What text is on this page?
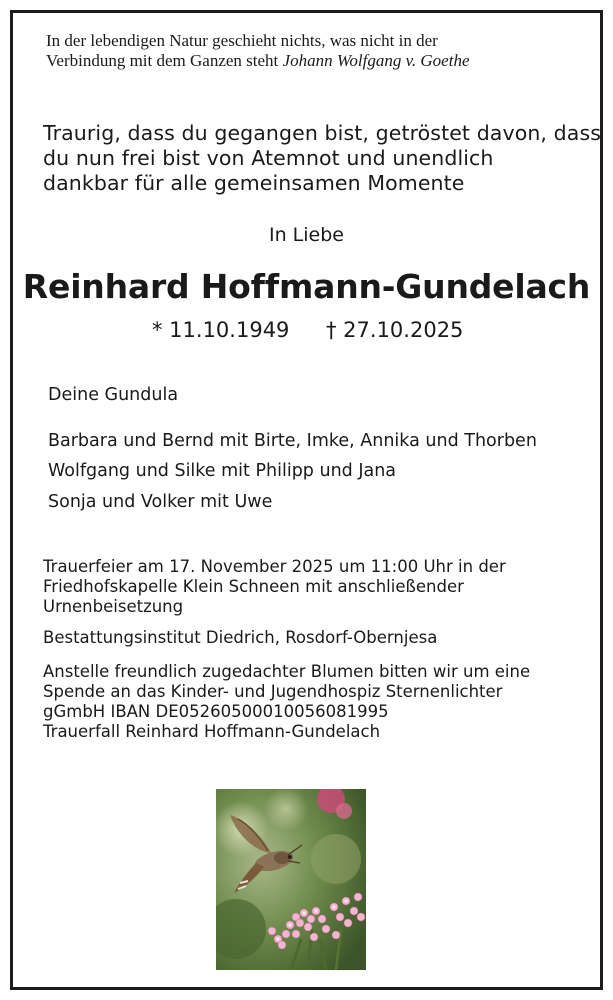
In der lebendigen Natur geschieht nichts, was nicht in der
Verbindung mit dem Ganzen steht Johann Wolfgang v. Goethe
Traurig, dass du gegangen bist, getröstet davon, dass
du nun frei bist von Atemnot und unendlich
dankbar für alle gemeinsamen Momente
In Liebe
Reinhard Hoffmann-Gundelach
* 11.10.1949 † 27.10.2025
Deine Gundula
Barbara und Bernd mit Birte, Imke, Annika und Thorben
Wolfgang und Silke mit Philipp und Jana
Sonja und Volker mit Uwe
Trauerfeier am 17. November 2025 um 11:00 Uhr in der
Friedhofskapelle Klein Schneen mit anschließender
Urnenbeisetzung
Bestattungsinstitut Diedrich, Rosdorf-Obernjesa
Anstelle freundlich zugedachter Blumen bitten wir um eine
Spende an das Kinder- und Jugendhospiz Sternenlichter
gGmbH IBAN DE05260500010056081995
Trauerfall Reinhard Hoffmann-Gundelach
